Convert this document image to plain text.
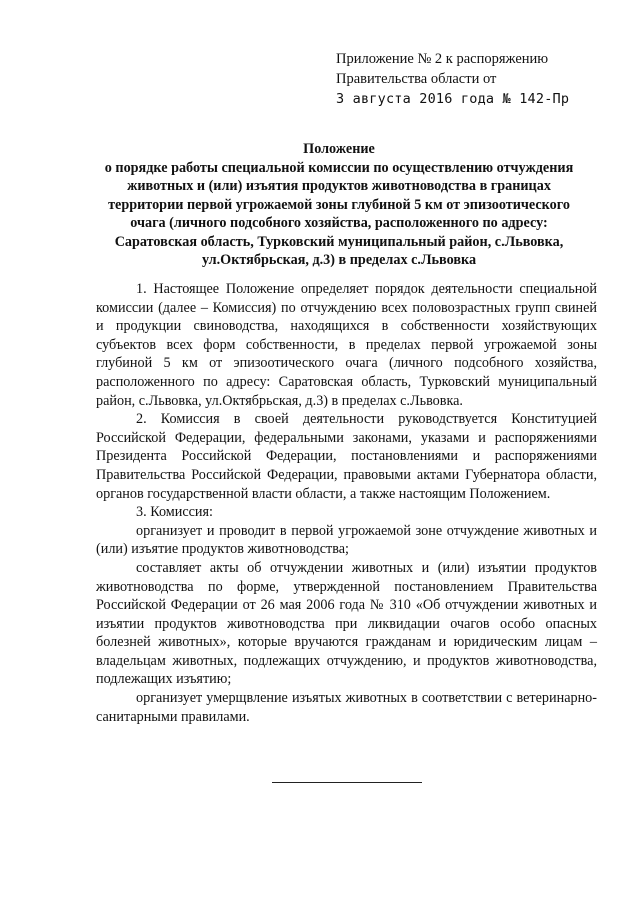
Приложение № 2 к распоряжению
Правительства области от
3 августа 2016 года № 142-Пр
Положение
о порядке работы специальной комиссии по осуществлению отчуждения
животных и (или) изъятия продуктов животноводства в границах
территории первой угрожаемой зоны глубиной 5 км от эпизоотического
очага (личного подсобного хозяйства, расположенного по адресу:
Саратовская область, Турковский муниципальный район, с.Львовка,
ул.Октябрьская, д.3) в пределах с.Львовка

1. Настоящее Положение определяет порядок деятельности специальной комиссии (далее – Комиссия) по отчуждению всех половозрастных групп свиней и продукции свиноводства, находящихся в собственности хозяйствующих субъектов всех форм собственности, в пределах первой угрожаемой зоны глубиной 5 км от эпизоотического очага (личного подсобного хозяйства, расположенного по адресу: Саратовская область, Турковский муниципальный район, с.Львовка, ул.Октябрьская, д.3) в пределах с.Львовка.

2. Комиссия в своей деятельности руководствуется Конституцией Российской Федерации, федеральными законами, указами и распоряжениями Президента Российской Федерации, постановлениями и распоряжениями Правительства Российской Федерации, правовыми актами Губернатора области, органов государственной власти области, а также настоящим Положением.

3. Комиссия:

организует и проводит в первой угрожаемой зоне отчуждение животных и (или) изъятие продуктов животноводства;

составляет акты об отчуждении животных и (или) изъятии продуктов животноводства по форме, утвержденной постановлением Правительства Российской Федерации от 26 мая 2006 года № 310 «Об отчуждении животных и изъятии продуктов животноводства при ликвидации очагов особо опасных болезней животных», которые вручаются гражданам и юридическим лицам – владельцам животных, подлежащих отчуждению, и продуктов животноводства, подлежащих изъятию;

организует умерщвление изъятых животных в соответствии с ветеринарно-санитарными правилами.
